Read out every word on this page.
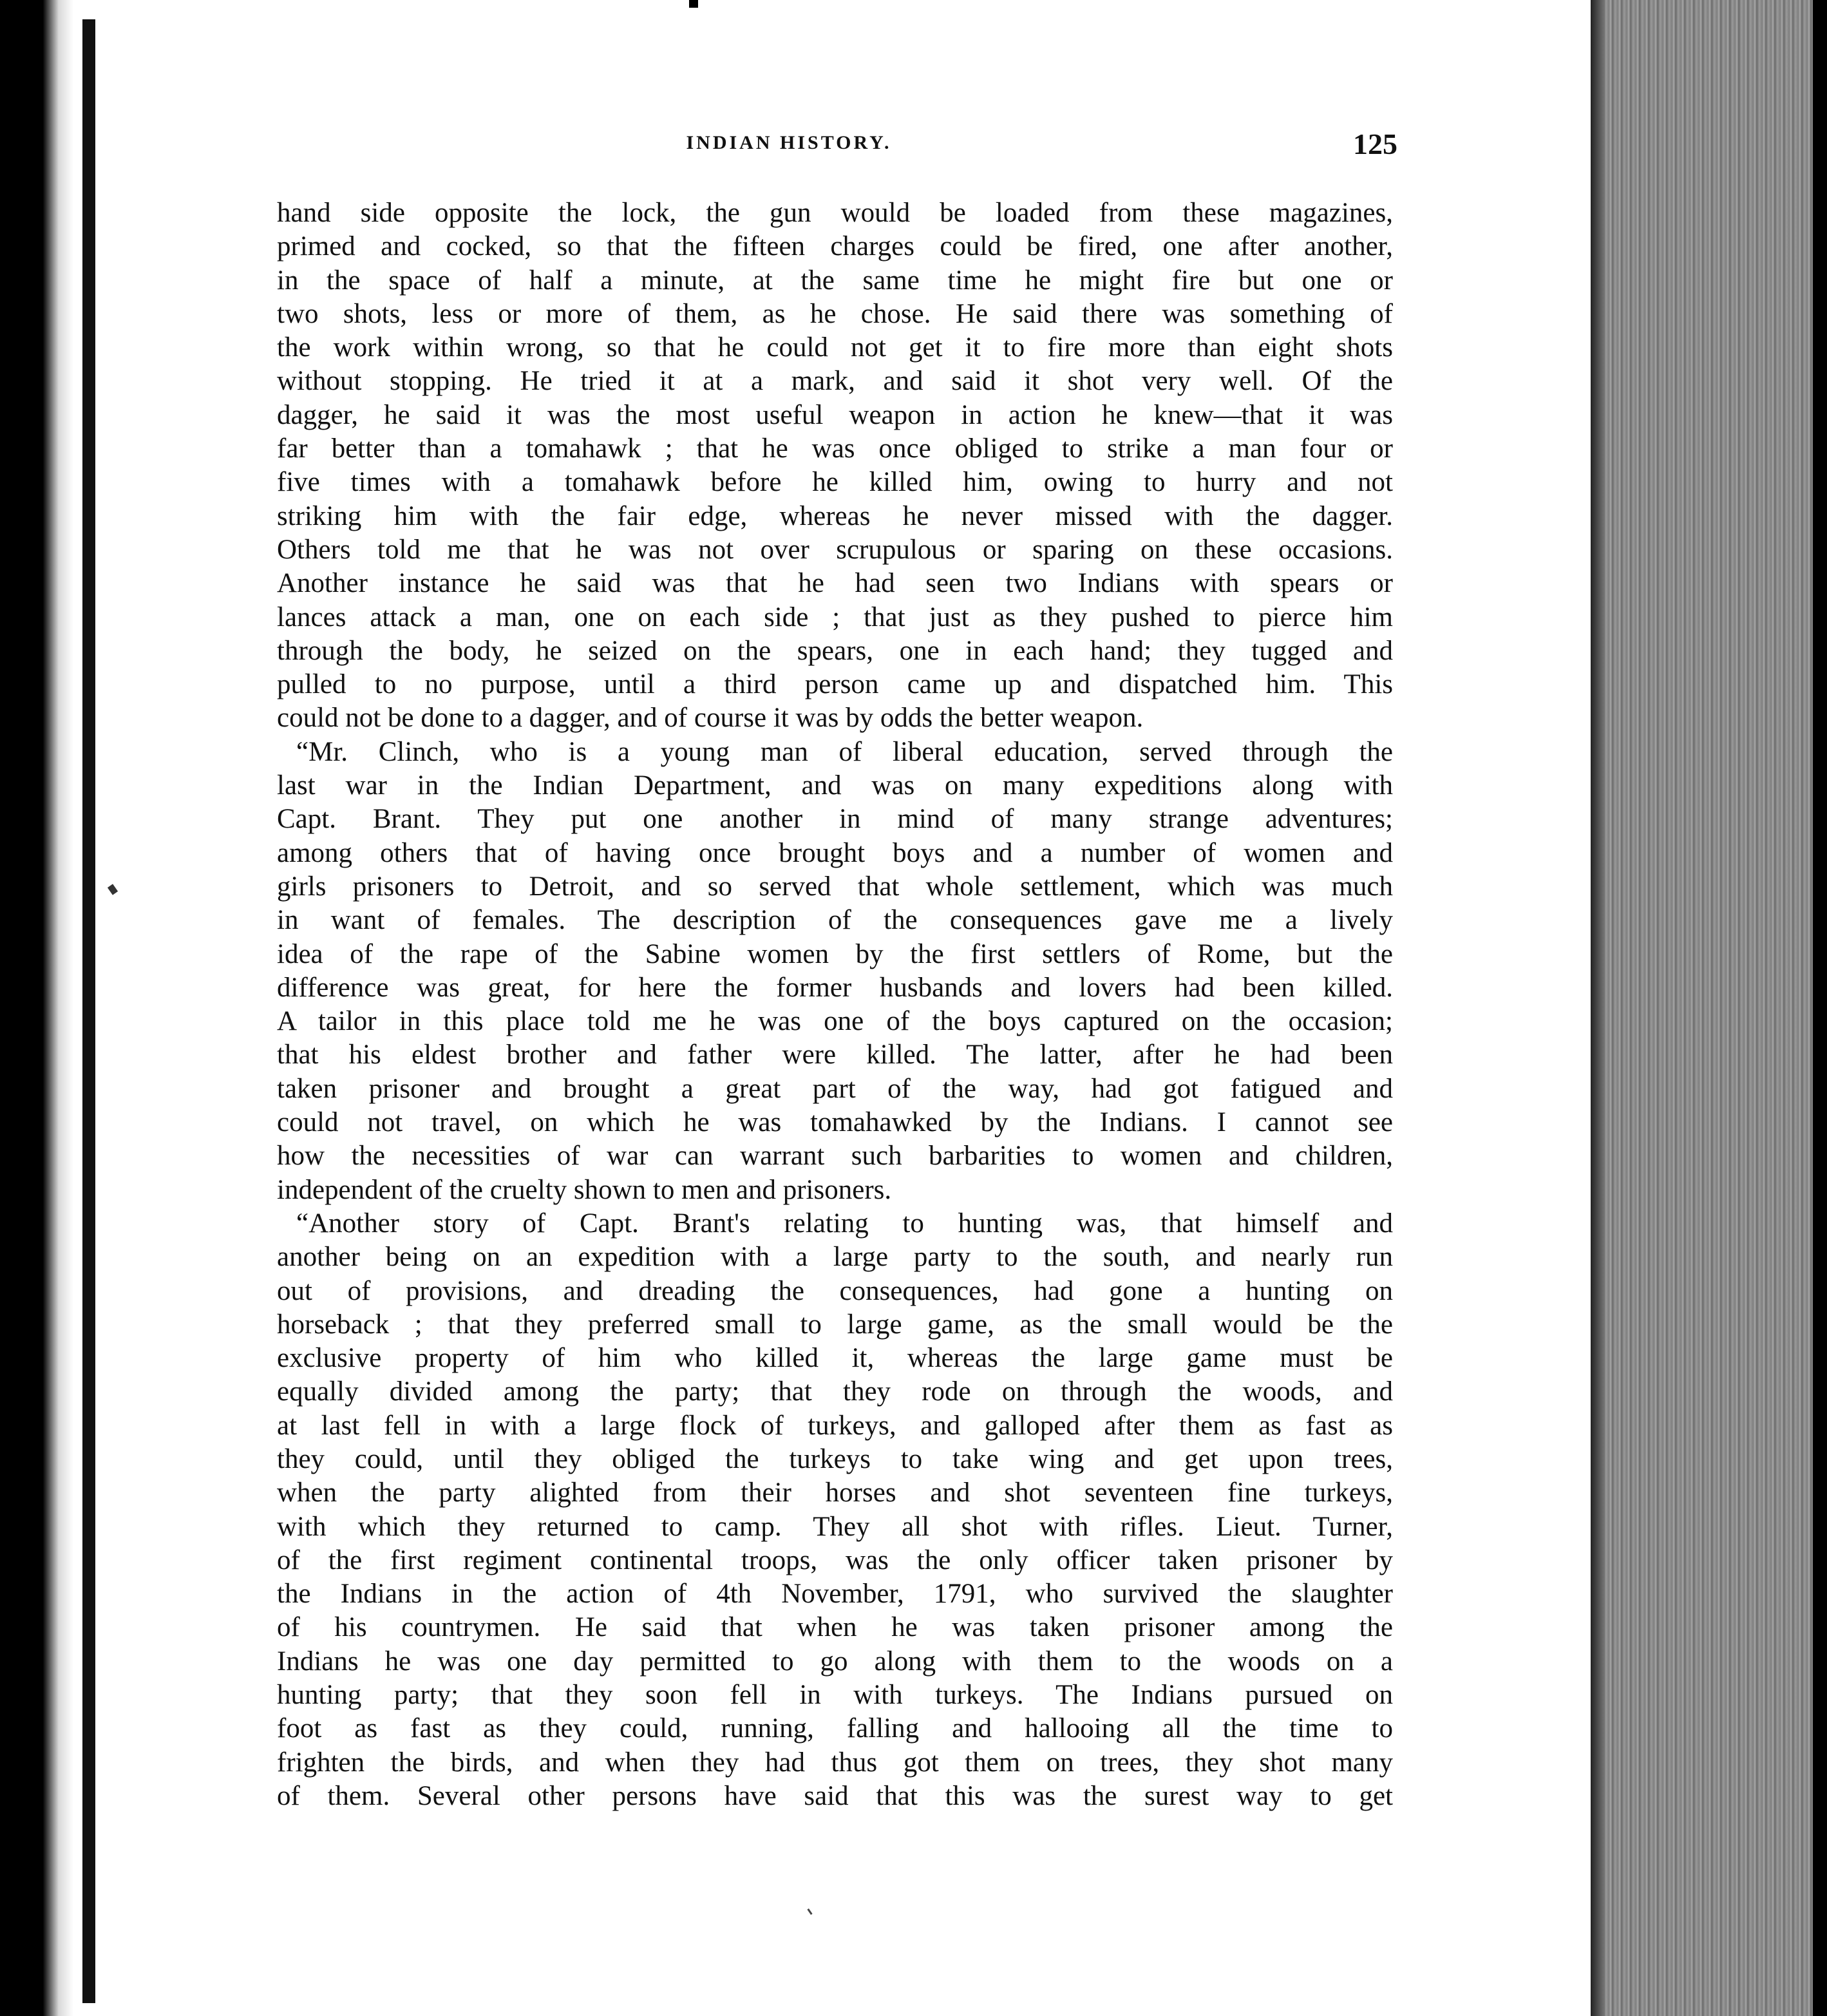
INDIAN HISTORY.	125
hand side opposite the lock, the gun would be loaded from these magazines,
primed and cocked, so that the fifteen charges could be fired, one after another,
in the space of half a minute, at the same time he might fire but one or
two shots, less or more of them, as he chose. He said there was something of
the work within wrong, so that he could not get it to fire more than eight shots
without stopping. He tried it at a mark, and said it shot very well. Of the
dagger, he said it was the most useful weapon in action he knew—that it was
far better than a tomahawk ; that he was once obliged to strike a man four or
five times with a tomahawk before he killed him, owing to hurry and not
striking him with the fair edge, whereas he never missed with the dagger.
Others told me that he was not over scrupulous or sparing on these occasions.
Another instance he said was that he had seen two Indians with spears or
lances attack a man, one on each side ; that just as they pushed to pierce him
through the body, he seized on the spears, one in each hand; they tugged and
pulled to no purpose, until a third person came up and dispatched him. This
could not be done to a dagger, and of course it was by odds the better weapon.
“Mr. Clinch, who is a young man of liberal education, served through the
last war in the Indian Department, and was on many expeditions along with
Capt. Brant. They put one another in mind of many strange adventures;
among others that of having once brought boys and a number of women and
girls prisoners to Detroit, and so served that whole settlement, which was much
in want of females. The description of the consequences gave me a lively
idea of the rape of the Sabine women by the first settlers of Rome, but the
difference was great, for here the former husbands and lovers had been killed.
A tailor in this place told me he was one of the boys captured on the occasion;
that his eldest brother and father were killed. The latter, after he had been
taken prisoner and brought a great part of the way, had got fatigued and
could not travel, on which he was tomahawked by the Indians. I cannot see
how the necessities of war can warrant such barbarities to women and children,
independent of the cruelty shown to men and prisoners.
“Another story of Capt. Brant's relating to hunting was, that himself and
another being on an expedition with a large party to the south, and nearly run
out of provisions, and dreading the consequences, had gone a hunting on
horseback ; that they preferred small to large game, as the small would be the
exclusive property of him who killed it, whereas the large game must be
equally divided among the party; that they rode on through the woods, and
at last fell in with a large flock of turkeys, and galloped after them as fast as
they could, until they obliged the turkeys to take wing and get upon trees,
when the party alighted from their horses and shot seventeen fine turkeys,
with which they returned to camp. They all shot with rifles. Lieut. Turner,
of the first regiment continental troops, was the only officer taken prisoner by
the Indians in the action of 4th November, 1791, who survived the slaughter
of his countrymen. He said that when he was taken prisoner among the
Indians he was one day permitted to go along with them to the woods on a
hunting party; that they soon fell in with turkeys. The Indians pursued on
foot as fast as they could, running, falling and hallooing all the time to
frighten the birds, and when they had thus got them on trees, they shot many
of them. Several other persons have said that this was the surest way to get
